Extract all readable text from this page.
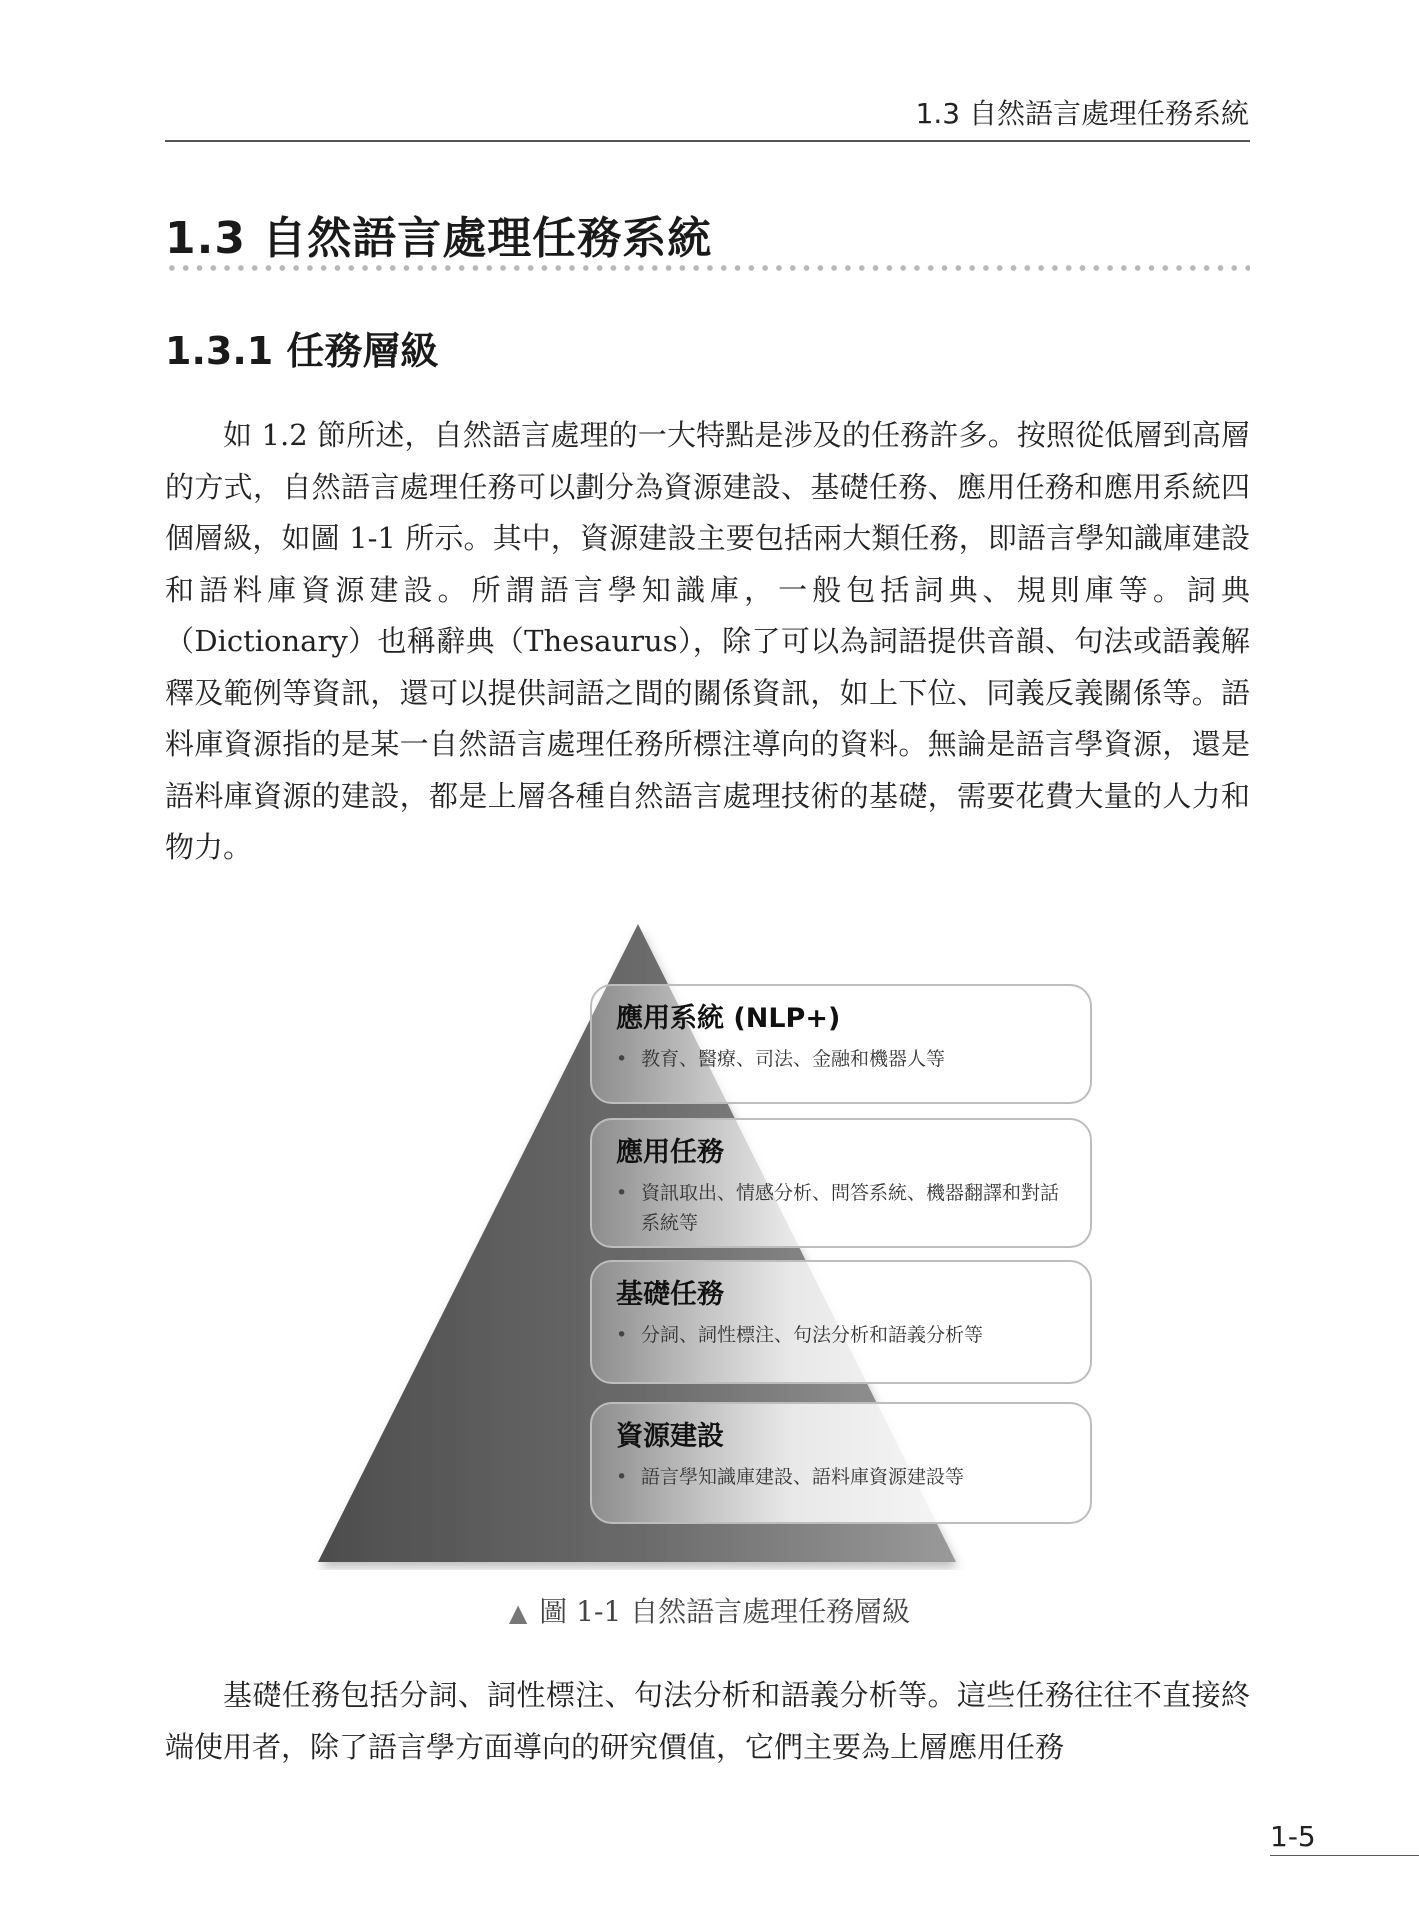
1.3 自然語言處理任務系統
1.3 自然語言處理任務系統
1.3.1 任務層級

如 1.2 節所述，自然語言處理的一大特點是涉及的任務許多。按照從低層到高層的方式，自然語言處理任務可以劃分為資源建設、基礎任務、應用任務和應用系統四個層級，如圖 1-1 所示。其中，資源建設主要包括兩大類任務，即語言學知識庫建設和語料庫資源建設。所謂語言學知識庫，一般包括詞典、規則庫等。詞典（Dictionary）也稱辭典（Thesaurus），除了可以為詞語提供音韻、句法或語義解釋及範例等資訊，還可以提供詞語之間的關係資訊，如上下位、同義反義關係等。語料庫資源指的是某一自然語言處理任務所標注導向的資料。無論是語言學資源，還是語料庫資源的建設，都是上層各種自然語言處理技術的基礎，需要花費大量的人力和物力。

應用系統 (NLP+)
• 教育、醫療、司法、金融和機器人等
應用任務
• 資訊取出、情感分析、問答系統、機器翻譯和對話系統等
基礎任務
• 分詞、詞性標注、句法分析和語義分析等
資源建設
• 語言學知識庫建設、語料庫資源建設等
▲ 圖 1-1 自然語言處理任務層級

基礎任務包括分詞、詞性標注、句法分析和語義分析等。這些任務往往不直接終端使用者，除了語言學方面導向的研究價值，它們主要為上層應用任務

1-5
